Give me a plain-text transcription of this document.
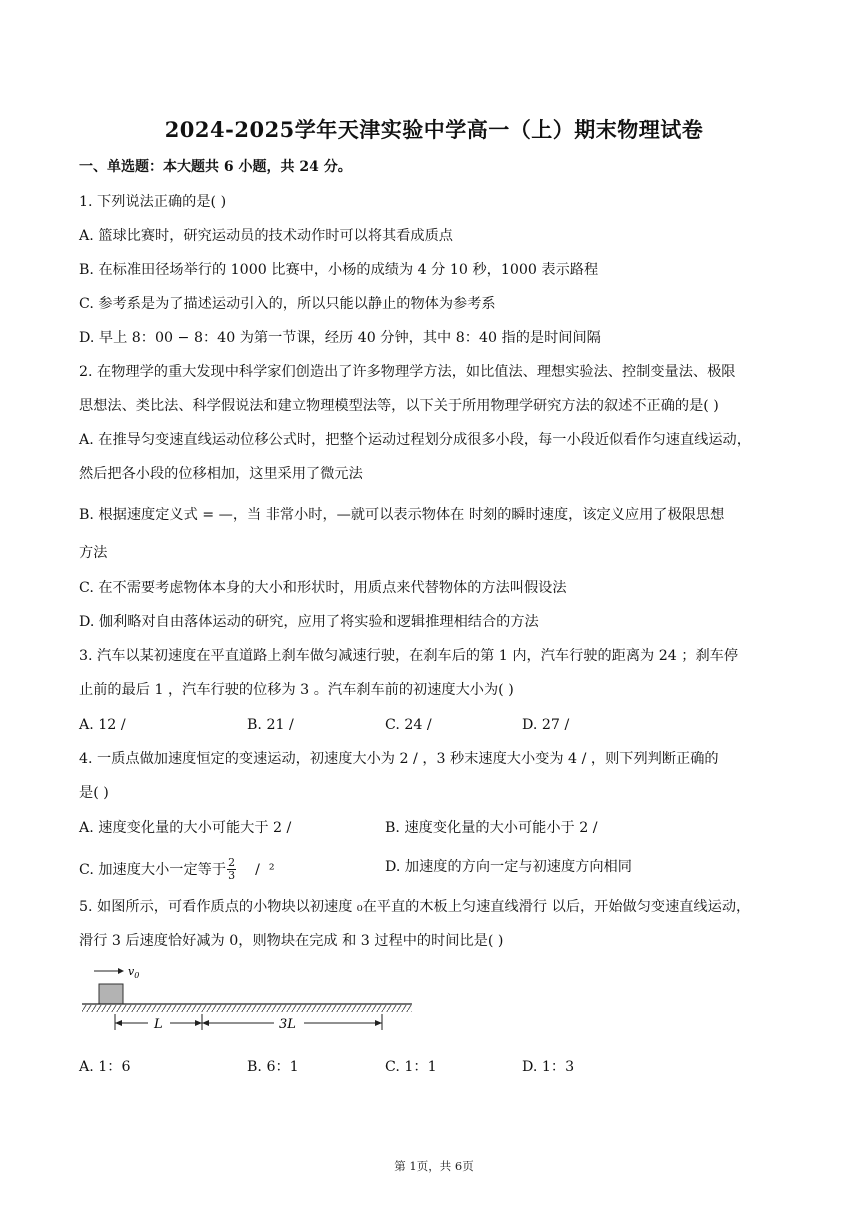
2024-2025学年天津实验中学高一（上）期末物理试卷
一、单选题：本大题共 6 小题，共 24 分。
1. 下列说法正确的是( )
A. 篮球比赛时，研究运动员的技术动作时可以将其看成质点
B. 在标准田径场举行的 1000 比赛中，小杨的成绩为 4 分 10 秒，1000 表示路程
C. 参考系是为了描述运动引入的，所以只能以静止的物体为参考系
D. 早上 8：00 − 8：40 为第一节课，经历 40 分钟，其中 8：40 指的是时间间隔
2. 在物理学的重大发现中科学家们创造出了许多物理学方法，如比值法、理想实验法、控制变量法、极限
思想法、类比法、科学假说法和建立物理模型法等，以下关于所用物理学研究方法的叙述不正确的是( )
A. 在推导匀变速直线运动位移公式时，把整个运动过程划分成很多小段，每一小段近似看作匀速直线运动，
然后把各小段的位移相加，这里采用了微元法
B. 根据速度定义式 = —，当 非常小时，—就可以表示物体在 时刻的瞬时速度，该定义应用了极限思想
方法
C. 在不需要考虑物体本身的大小和形状时，用质点来代替物体的方法叫假设法
D. 伽利略对自由落体运动的研究，应用了将实验和逻辑推理相结合的方法
3. 汽车以某初速度在平直道路上刹车做匀减速行驶，在刹车后的第 1 内，汽车行驶的距离为 24 ；刹车停
止前的最后 1 ，汽车行驶的位移为 3 。汽车刹车前的初速度大小为( )
A. 12 /	B. 21 /	C. 24 /	D. 27 /
4. 一质点做加速度恒定的变速运动，初速度大小为 2 / ，3 秒末速度大小变为 4 / ，则下列判断正确的
是( )
A. 速度变化量的大小可能大于 2 /	B. 速度变化量的大小可能小于 2 /
C. 加速度大小一定等于 $\frac{2}{3} / ^2$	D. 加速度的方向一定与初速度方向相同
5. 如图所示，可看作质点的小物块以初速度 ₀在平直的木板上匀速直线滑行 以后，开始做匀变速直线运动，
滑行 3 后速度恰好减为 0，则物块在完成 和 3 过程中的时间比是( )
$v_0$
L	3L
A. 1：6	B. 6：1	C. 1：1	D. 1：3
第 1页，共 6页
